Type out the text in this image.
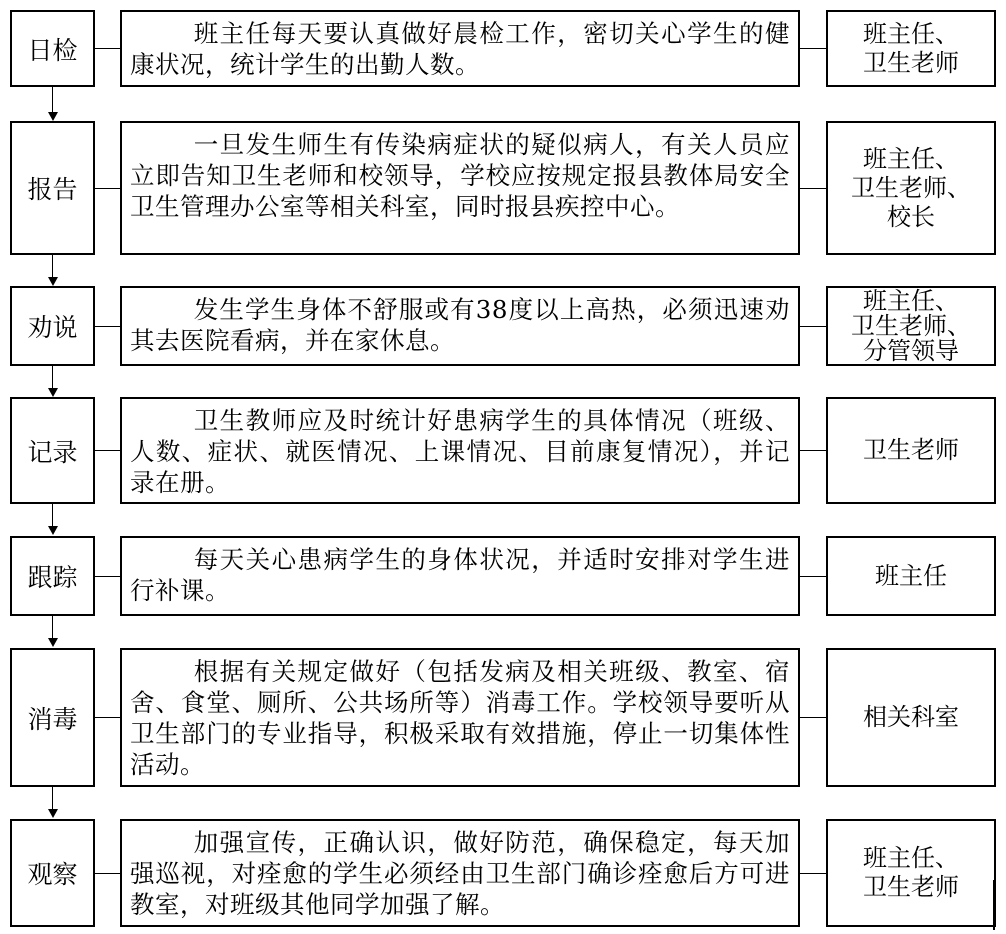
日检
班主任每天要认真做好晨检工作，密切关心学生的健康状况，统计学生的出勤人数。
班主任、
卫生老师
报告
一旦发生师生有传染病症状的疑似病人，有关人员应立即告知卫生老师和校领导，学校应按规定报县教体局安全卫生管理办公室等相关科室，同时报县疾控中心。
班主任、
卫生老师、
校长
劝说
发生学生身体不舒服或有38度以上高热，必须迅速劝其去医院看病，并在家休息。
班主任、
卫生老师、
分管领导
记录
卫生教师应及时统计好患病学生的具体情况（班级、人数、症状、就医情况、上课情况、目前康复情况），并记录在册。
卫生老师
跟踪
每天关心患病学生的身体状况，并适时安排对学生进行补课。
班主任
消毒
根据有关规定做好（包括发病及相关班级、教室、宿舍、食堂、厕所、公共场所等）消毒工作。学校领导要听从卫生部门的专业指导，积极采取有效措施，停止一切集体性活动。
相关科室
观察
加强宣传，正确认识，做好防范，确保稳定，每天加强巡视，对痊愈的学生必须经由卫生部门确诊痊愈后方可进教室，对班级其他同学加强了解。
班主任、
卫生老师
